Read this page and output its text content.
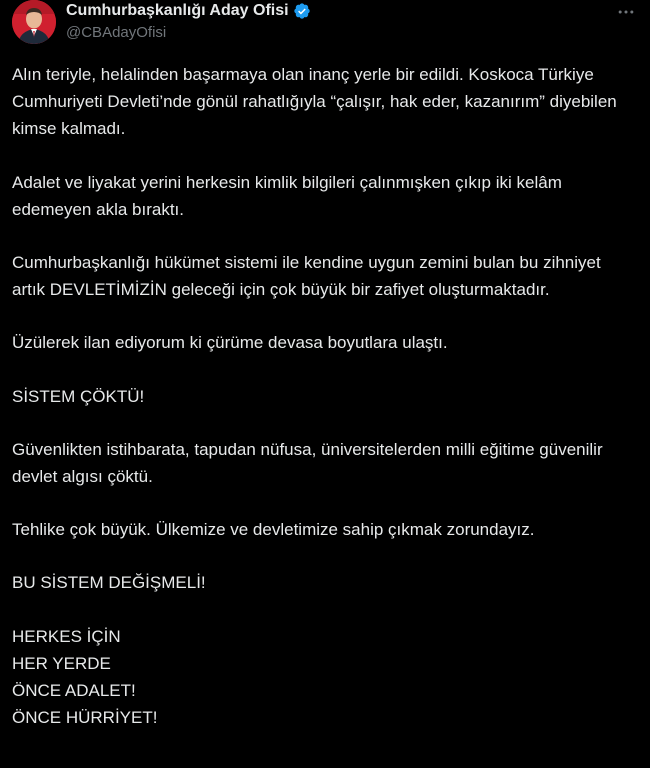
Cumhurbaşkanlığı Aday Ofisi
@CBAdayOfisi

Alın teriyle, helalinden başarmaya olan inanç yerle bir edildi. Koskoca Türkiye Cumhuriyeti Devleti’nde gönül rahatlığıyla “çalışır, hak eder, kazanırım” diyebilen kimse kalmadı.

Adalet ve liyakat yerini herkesin kimlik bilgileri çalınmışken çıkıp iki kelâm edemeyen akla bıraktı.

Cumhurbaşkanlığı hükümet sistemi ile kendine uygun zemini bulan bu zihniyet artık DEVLETİMİZİN geleceği için çok büyük bir zafiyet oluşturmaktadır.

Üzülerek ilan ediyorum ki çürüme devasa boyutlara ulaştı.

SİSTEM ÇÖKTÜ!

Güvenlikten istihbarata, tapudan nüfusa, üniversitelerden milli eğitime güvenilir devlet algısı çöktü.

Tehlike çok büyük. Ülkemize ve devletimize sahip çıkmak zorundayız.

BU SİSTEM DEĞİŞMELİ!

HERKES İÇİN
HER YERDE
ÖNCE ADALET!
ÖNCE HÜRRİYET!
